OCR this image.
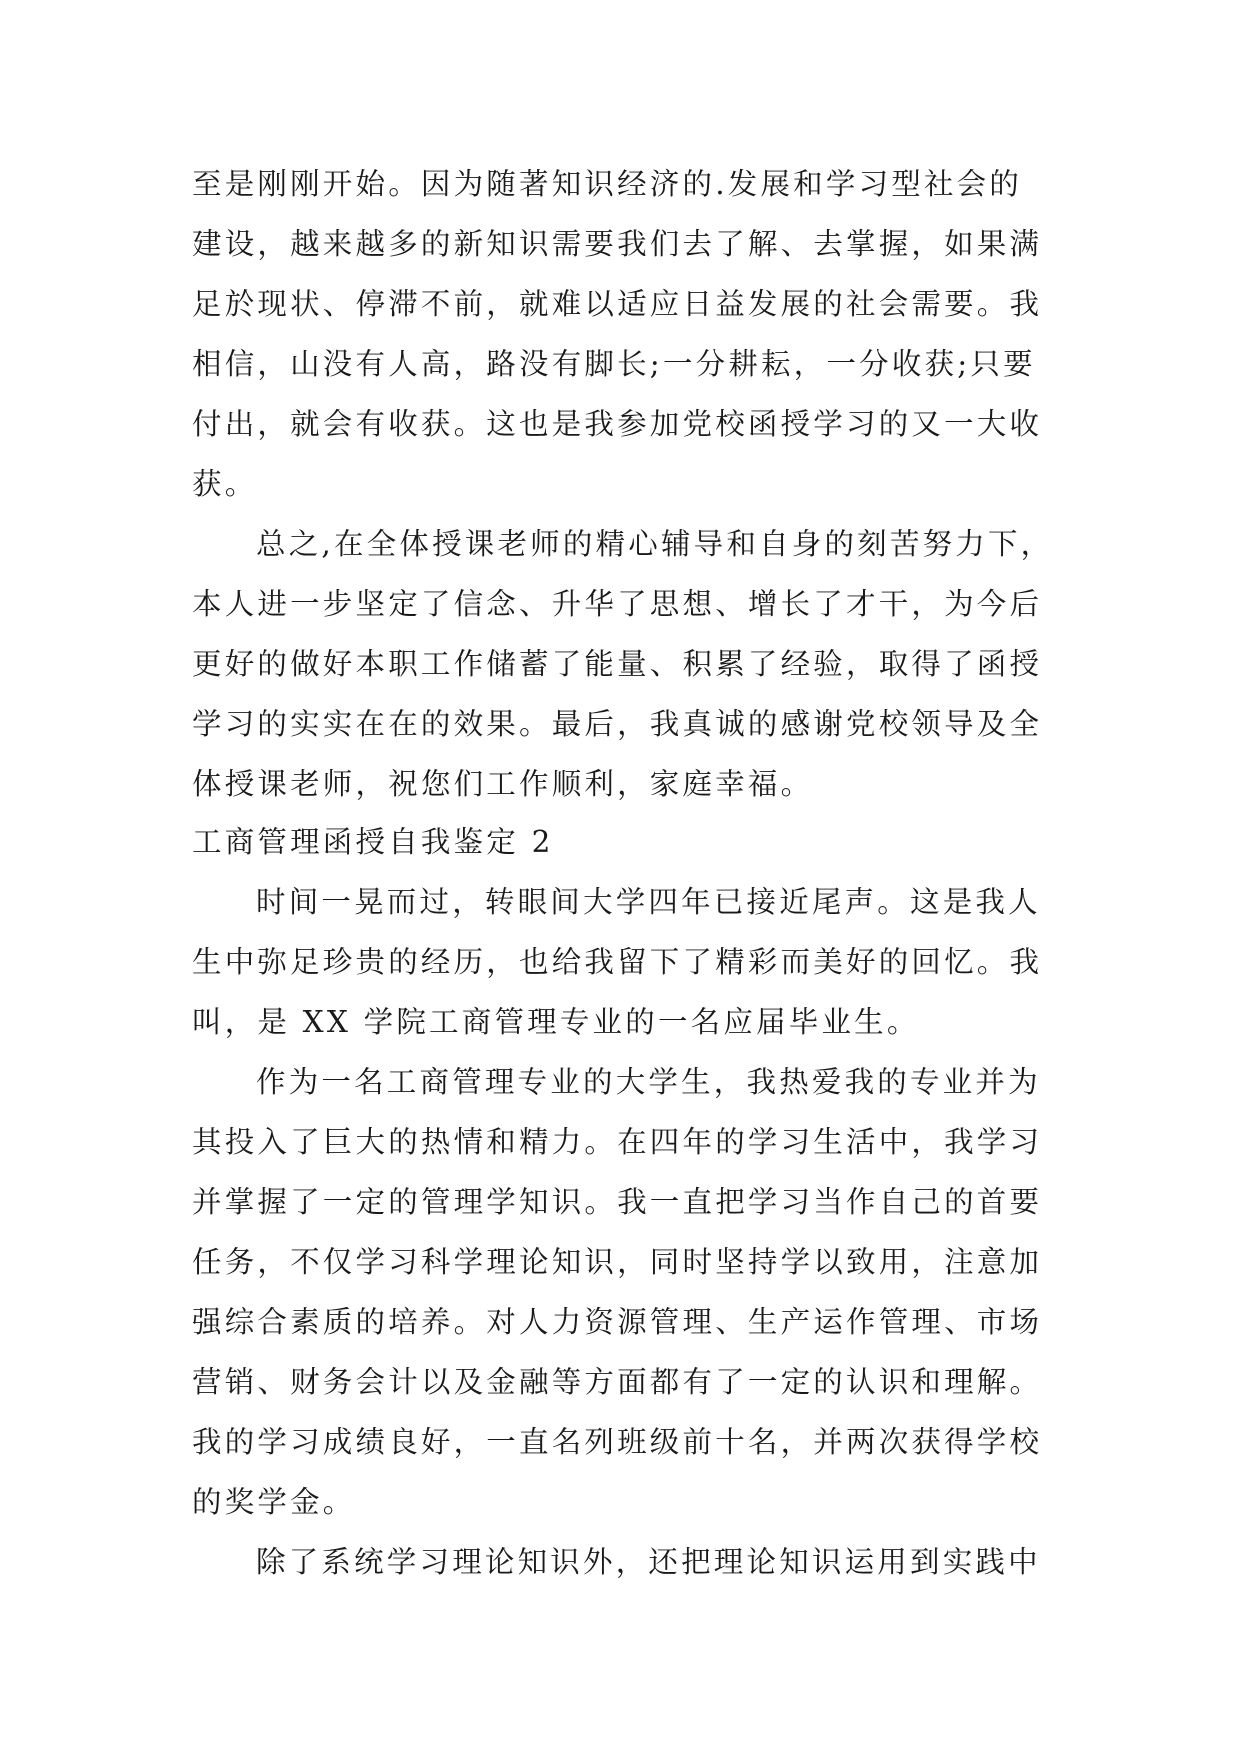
至是刚刚开始。因为随著知识经济的.发展和学习型社会的
建设，越来越多的新知识需要我们去了解、去掌握，如果满
足於现状、停滞不前，就难以适应日益发展的社会需要。我
相信，山没有人高，路没有脚长;一分耕耘，一分收获;只要
付出，就会有收获。这也是我参加党校函授学习的又一大收
获。
总之,在全体授课老师的精心辅导和自身的刻苦努力下，
本人进一步坚定了信念、升华了思想、增长了才干，为今后
更好的做好本职工作储蓄了能量、积累了经验，取得了函授
学习的实实在在的效果。最后，我真诚的感谢党校领导及全
体授课老师，祝您们工作顺利，家庭幸福。
工商管理函授自我鉴定 2
时间一晃而过，转眼间大学四年已接近尾声。这是我人
生中弥足珍贵的经历，也给我留下了精彩而美好的回忆。我
叫，是 XX 学院工商管理专业的一名应届毕业生。
作为一名工商管理专业的大学生，我热爱我的专业并为
其投入了巨大的热情和精力。在四年的学习生活中，我学习
并掌握了一定的管理学知识。我一直把学习当作自己的首要
任务，不仅学习科学理论知识，同时坚持学以致用，注意加
强综合素质的培养。对人力资源管理、生产运作管理、市场
营销、财务会计以及金融等方面都有了一定的认识和理解。
我的学习成绩良好，一直名列班级前十名，并两次获得学校
的奖学金。
除了系统学习理论知识外，还把理论知识运用到实践中
